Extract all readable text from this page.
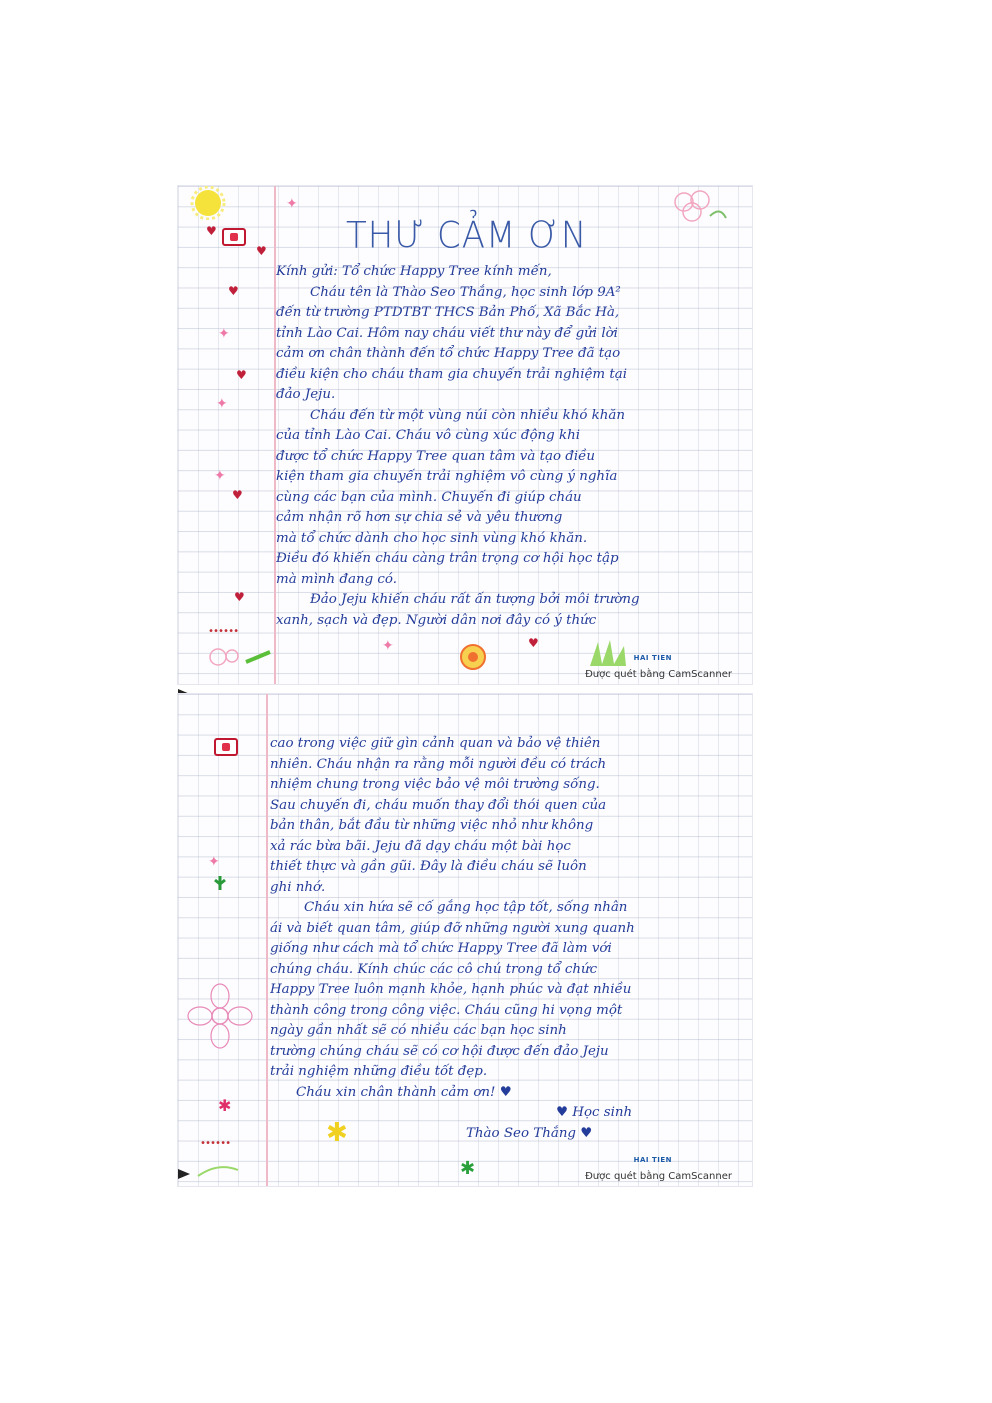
♥
♥
♥
✦
✦
♥
✦
✦
♥
♥
••••••
✦	♥
THƯ CẢM ƠN
Kính gửi: Tổ chức Happy Tree kính mến,
Cháu tên là Thào Seo Thắng, học sinh lớp 9A²
đến từ trường PTDTBT THCS Bản Phố, Xã Bắc Hà,
tỉnh Lào Cai. Hôm nay cháu viết thư này để gửi lời
cảm ơn chân thành đến tổ chức Happy Tree đã tạo
điều kiện cho cháu tham gia chuyến trải nghiệm tại
đảo Jeju.
Cháu đến từ một vùng núi còn nhiều khó khăn
của tỉnh Lào Cai. Cháu vô cùng xúc động khi
được tổ chức Happy Tree quan tâm và tạo điều
kiện tham gia chuyến trải nghiệm vô cùng ý nghĩa
cùng các bạn của mình. Chuyến đi giúp cháu
cảm nhận rõ hơn sự chia sẻ và yêu thương
mà tổ chức dành cho học sinh vùng khó khăn.
Điều đó khiến cháu càng trân trọng cơ hội học tập
mà mình đang có.
Đảo Jeju khiến cháu rất ấn tượng bởi môi trường
xanh, sạch và đẹp. Người dân nơi đây có ý thức
HAI TIEN
Được quét bằng CamScanner
✦
✱
••••••	✱
✱
cao trong việc giữ gìn cảnh quan và bảo vệ thiên
nhiên. Cháu nhận ra rằng mỗi người đều có trách
nhiệm chung trong việc bảo vệ môi trường sống.
Sau chuyến đi, cháu muốn thay đổi thói quen của
bản thân, bắt đầu từ những việc nhỏ như không
xả rác bừa bãi. Jeju đã dạy cháu một bài học
thiết thực và gần gũi. Đây là điều cháu sẽ luôn
ghi nhớ.
Cháu xin hứa sẽ cố gắng học tập tốt, sống nhân
ái và biết quan tâm, giúp đỡ những người xung quanh
giống như cách mà tổ chức Happy Tree đã làm với
chúng cháu. Kính chúc các cô chú trong tổ chức
Happy Tree luôn mạnh khỏe, hạnh phúc và đạt nhiều
thành công trong công việc. Cháu cũng hi vọng một
ngày gần nhất sẽ có nhiều các bạn học sinh
trường chúng cháu sẽ có cơ hội được đến đảo Jeju
trải nghiệm những điều tốt đẹp.
Cháu xin chân thành cảm ơn! ♥
♥ Học sinh
Thào Seo Thắng ♥
HAI TIEN
Được quét bằng CamScanner
